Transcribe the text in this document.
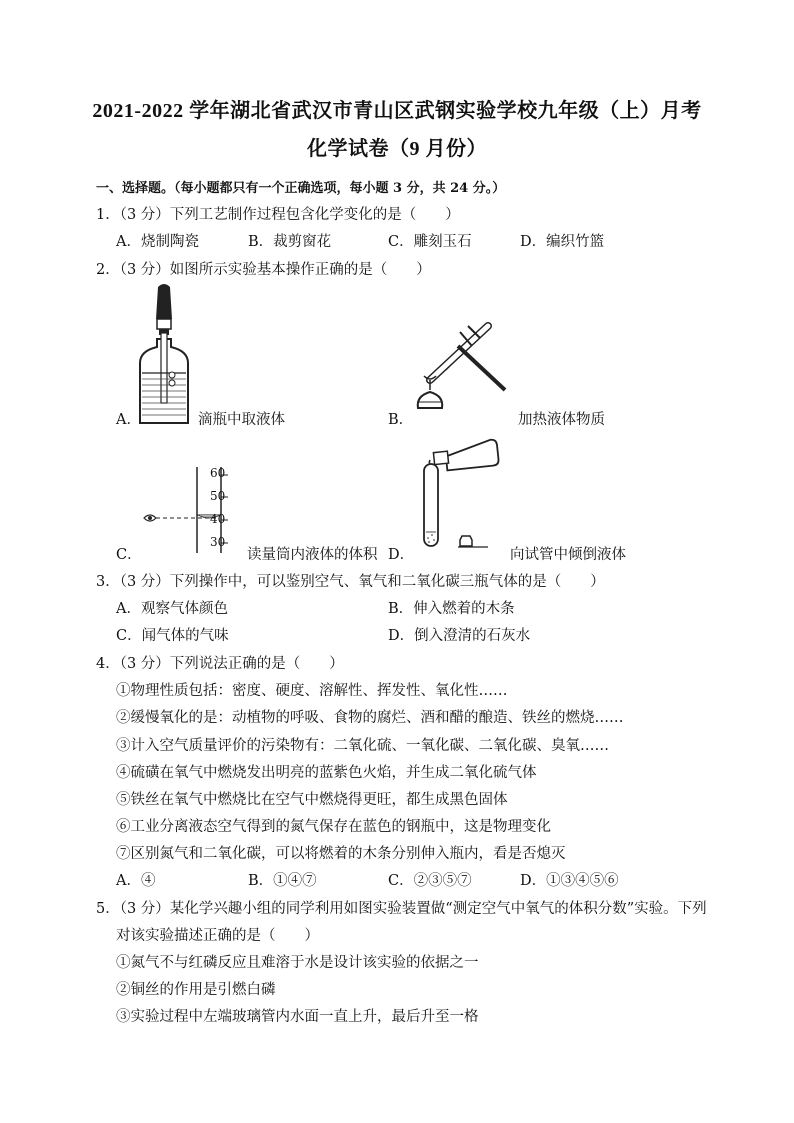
2021-2022 学年湖北省武汉市青山区武钢实验学校九年级（上）月考
化学试卷（9 月份）
一、选择题。（每小题都只有一个正确选项，每小题 3 分，共 24 分。）
1．（3 分）下列工艺制作过程包含化学变化的是（　　）
A．烧制陶瓷	B．裁剪窗花	C．雕刻玉石	D．编织竹篮
2．（3 分）如图所示实验基本操作正确的是（　　）
A．	滴瓶中取液体	B．	加热液体物质
60
50
40
30
C．	读量筒内液体的体积 D．	向试管中倾倒液体
3．（3 分）下列操作中，可以鉴别空气、氧气和二氧化碳三瓶气体的是（　　）
A．观察气体颜色	B．伸入燃着的木条
C．闻气体的气味	D．倒入澄清的石灰水
4．（3 分）下列说法正确的是（　　）
①物理性质包括：密度、硬度、溶解性、挥发性、氧化性……
②缓慢氧化的是：动植物的呼吸、食物的腐烂、酒和醋的酿造、铁丝的燃烧……
③计入空气质量评价的污染物有：二氧化硫、一氧化碳、二氧化碳、臭氧……
④硫磺在氧气中燃烧发出明亮的蓝紫色火焰，并生成二氧化硫气体
⑤铁丝在氧气中燃烧比在空气中燃烧得更旺，都生成黑色固体
⑥工业分离液态空气得到的氮气保存在蓝色的钢瓶中，这是物理变化
⑦区别氮气和二氧化碳，可以将燃着的木条分别伸入瓶内，看是否熄灭
A．④	B．①④⑦	C．②③⑤⑦	D．①③④⑤⑥
5．（3 分）某化学兴趣小组的同学利用如图实验装置做“测定空气中氧气的体积分数”实验。下列
对该实验描述正确的是（　　）
①氮气不与红磷反应且难溶于水是设计该实验的依据之一
②铜丝的作用是引燃白磷
③实验过程中左端玻璃管内水面一直上升，最后升至一格
